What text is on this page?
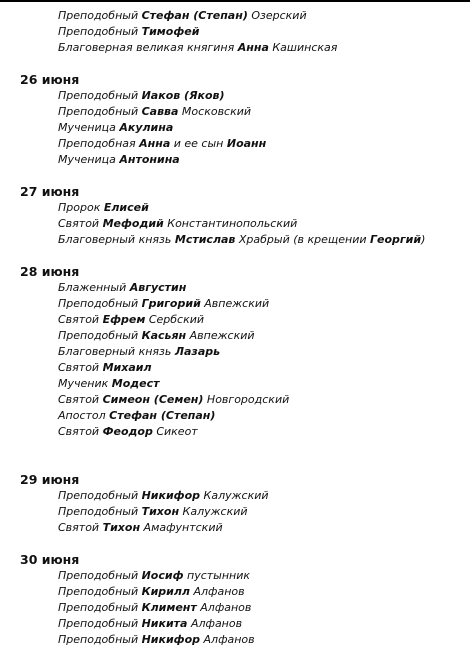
Преподобный Стефан (Степан) Озерский
Преподобный Тимофей
Благоверная великая княгиня Анна Кашинская
26 июня
Преподобный Иаков (Яков)
Преподобный Савва Московский
Мученица Акулина
Преподобная Анна и ее сын Иоанн
Мученица Антонина
27 июня
Пророк Елисей
Святой Мефодий Константинопольский
Благоверный князь Мстислав Храбрый (в крещении Георгий)
28 июня
Блаженный Августин
Преподобный Григорий Авпежский
Святой Ефрем Сербский
Преподобный Касьян Авпежский
Благоверный князь Лазарь
Святой Михаил
Мученик Модест
Святой Симеон (Семен) Новгородский
Апостол Стефан (Степан)
Святой Феодор Сикеот
29 июня
Преподобный Никифор Калужский
Преподобный Тихон Калужский
Святой Тихон Амафунтский
30 июня
Преподобный Иосиф пустынник
Преподобный Кирилл Алфанов
Преподобный Климент Алфанов
Преподобный Никита Алфанов
Преподобный Никифор Алфанов
